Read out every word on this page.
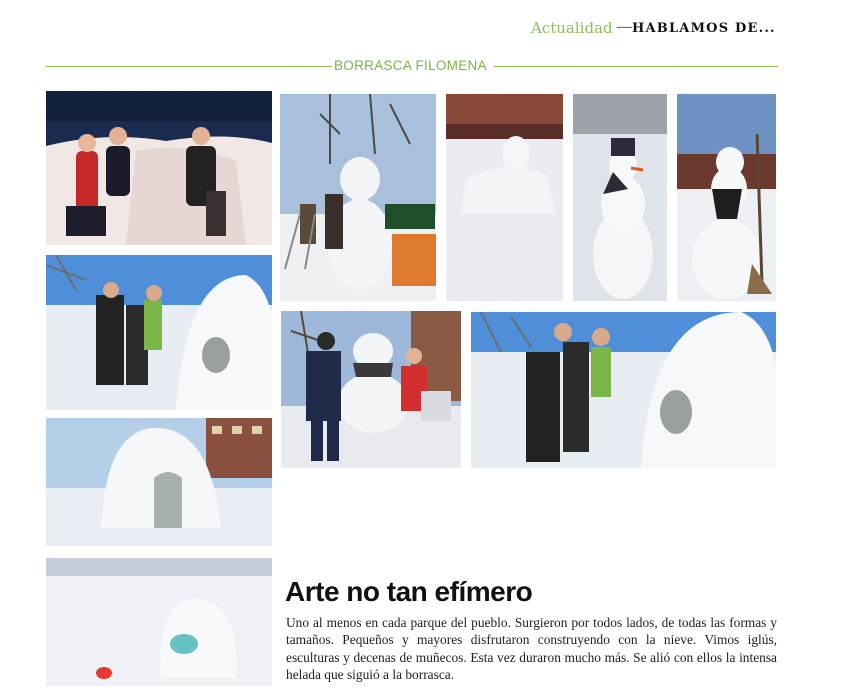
Actualidad — HABLAMOS DE...
BORRASCA FILOMENA
Arte no tan efímero

Uno al menos en cada parque del pueblo. Surgieron por todos lados, de todas las formas y tamaños. Pequeños y mayores disfrutaron construyendo con la nieve. Vimos iglús, esculturas y decenas de muñecos. Esta vez duraron mucho más. Se alió con ellos la intensa helada que siguió a la borrasca.
